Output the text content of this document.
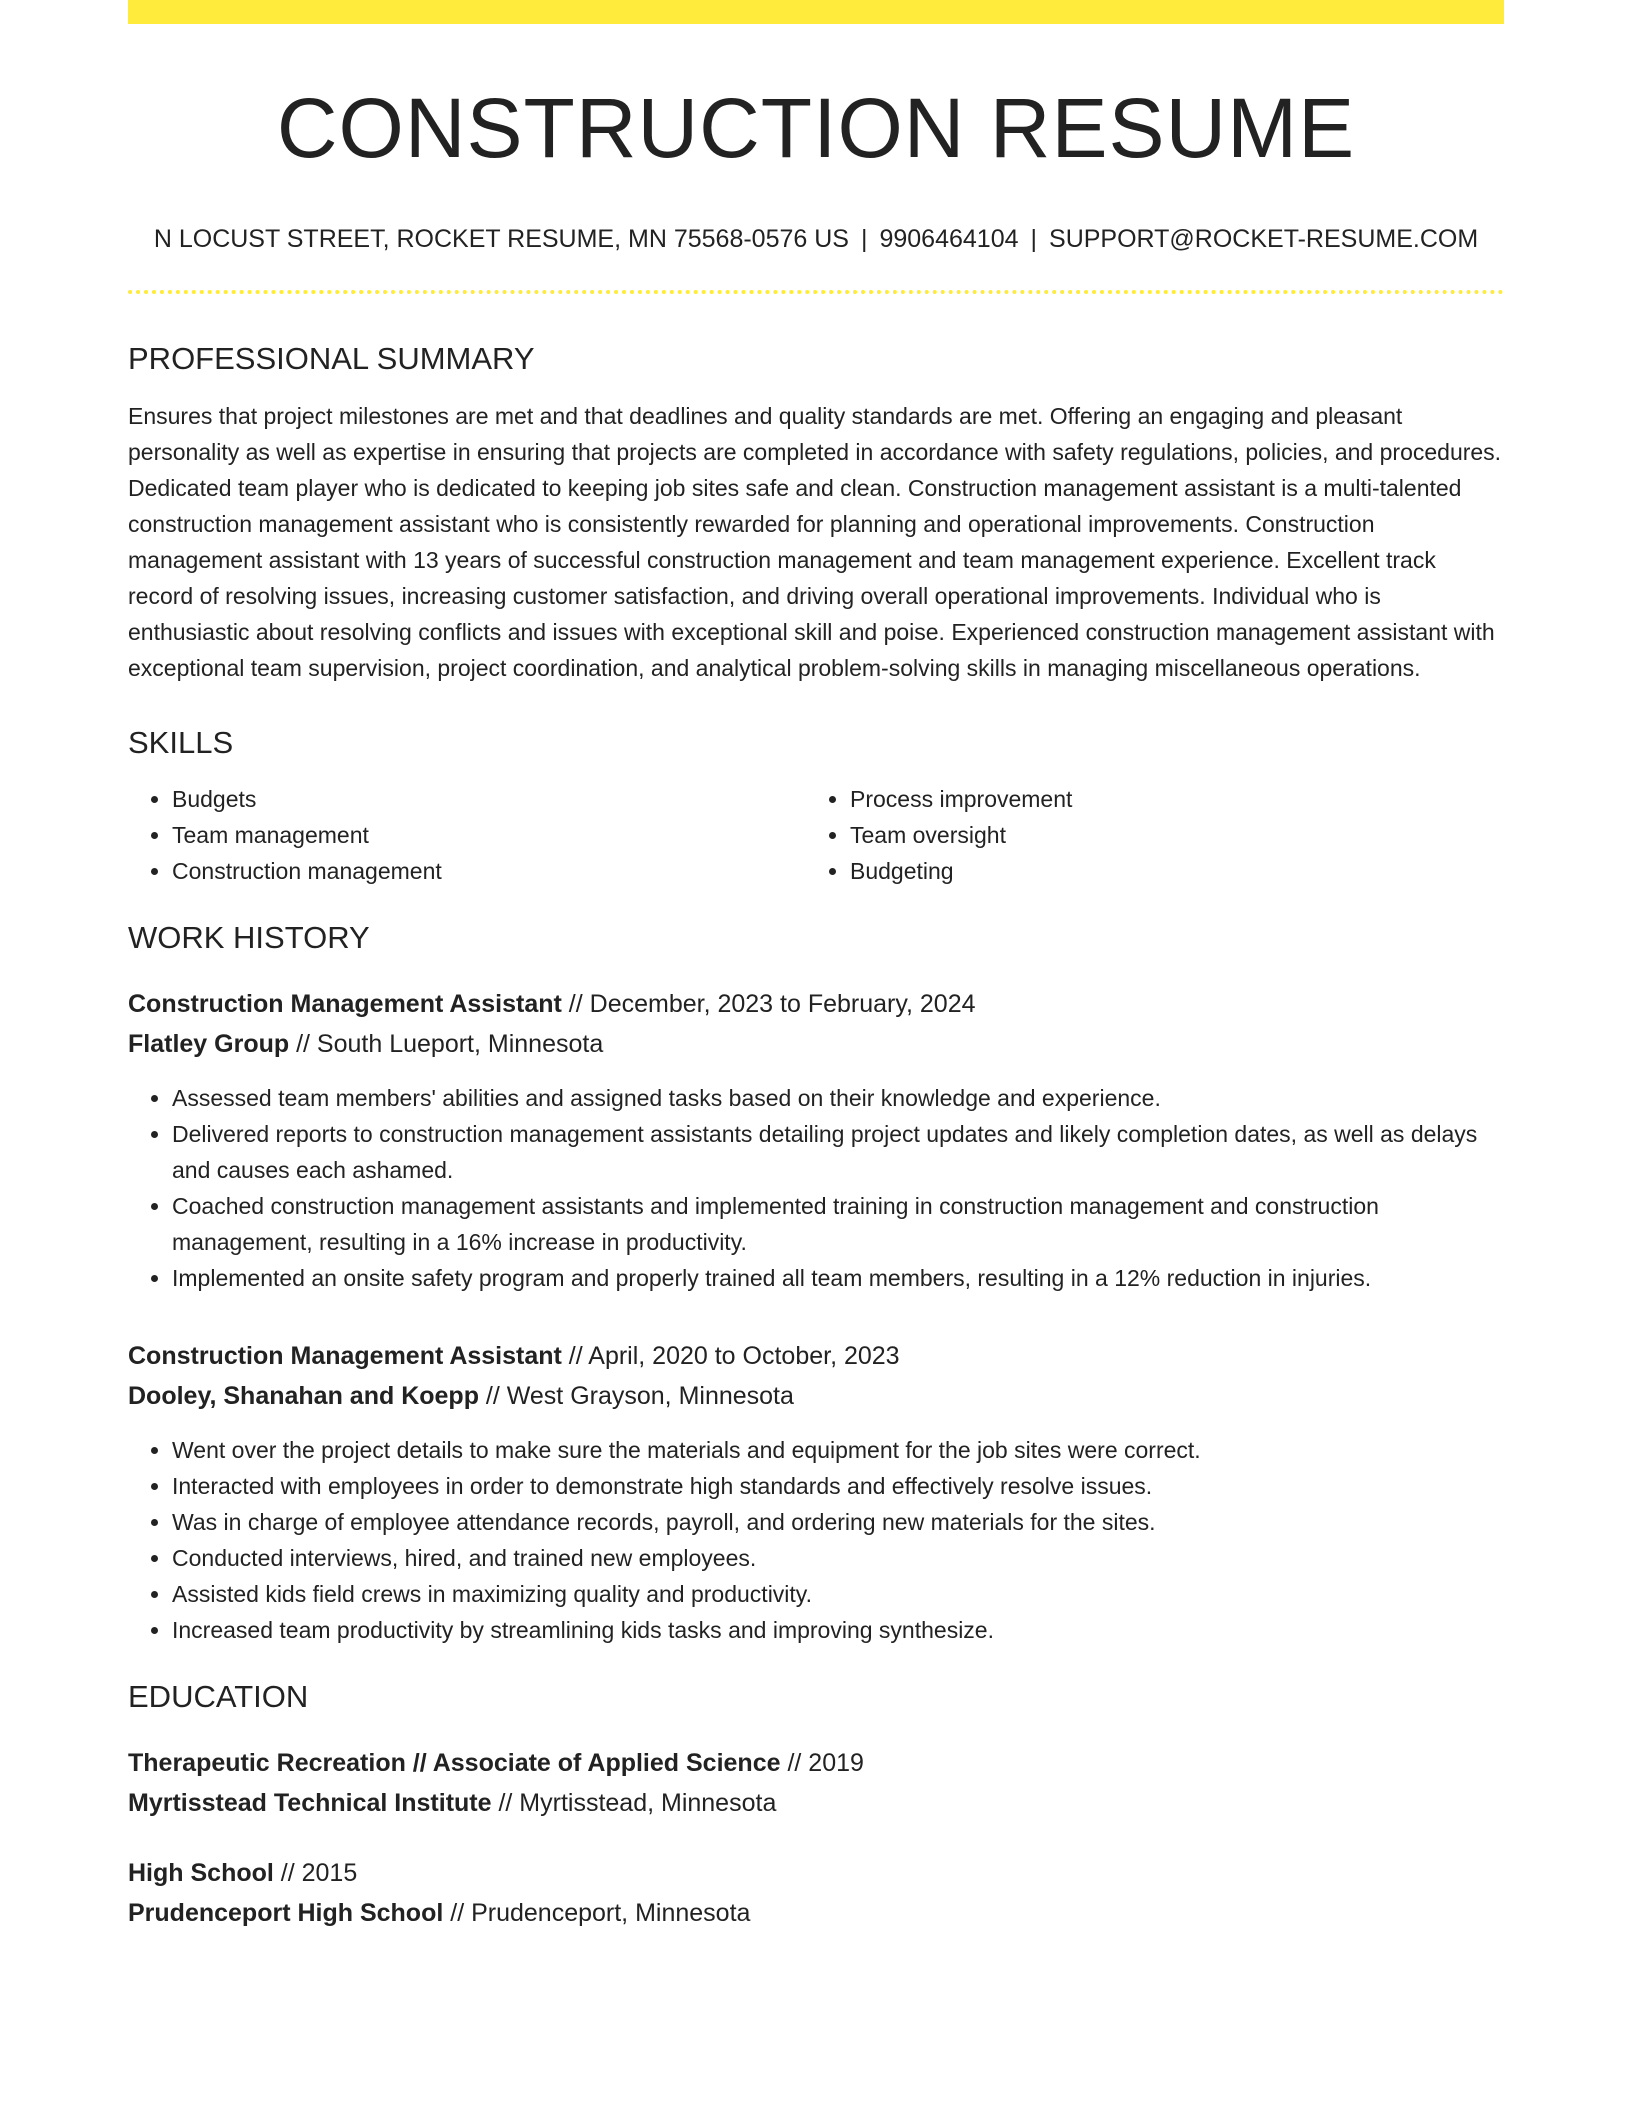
CONSTRUCTION RESUME
N LOCUST STREET, ROCKET RESUME, MN 75568-0576 US | 9906464104 | SUPPORT@ROCKET-RESUME.COM
PROFESSIONAL SUMMARY

Ensures that project milestones are met and that deadlines and quality standards are met. Offering an engaging and pleasant personality as well as expertise in ensuring that projects are completed in accordance with safety regulations, policies, and procedures. Dedicated team player who is dedicated to keeping job sites safe and clean. Construction management assistant is a multi-talented construction management assistant who is consistently rewarded for planning and operational improvements. Construction management assistant with 13 years of successful construction management and team management experience. Excellent track record of resolving issues, increasing customer satisfaction, and driving overall operational improvements. Individual who is enthusiastic about resolving conflicts and issues with exceptional skill and poise. Experienced construction management assistant with exceptional team supervision, project coordination, and analytical problem-solving skills in managing miscellaneous operations.

SKILLS
• Budgets
• Team management
• Construction management
• Process improvement
• Team oversight
• Budgeting
WORK HISTORY
Construction Management Assistant // December, 2023 to February, 2024
Flatley Group // South Lueport, Minnesota
• Assessed team members' abilities and assigned tasks based on their knowledge and experience.
• Delivered reports to construction management assistants detailing project updates and likely completion dates, as well as delays and causes each ashamed.
• Coached construction management assistants and implemented training in construction management and construction management, resulting in a 16% increase in productivity.
• Implemented an onsite safety program and properly trained all team members, resulting in a 12% reduction in injuries.
Construction Management Assistant // April, 2020 to October, 2023
Dooley, Shanahan and Koepp // West Grayson, Minnesota
• Went over the project details to make sure the materials and equipment for the job sites were correct.
• Interacted with employees in order to demonstrate high standards and effectively resolve issues.
• Was in charge of employee attendance records, payroll, and ordering new materials for the sites.
• Conducted interviews, hired, and trained new employees.
• Assisted kids field crews in maximizing quality and productivity.
• Increased team productivity by streamlining kids tasks and improving synthesize.
EDUCATION
Therapeutic Recreation // Associate of Applied Science // 2019
Myrtisstead Technical Institute // Myrtisstead, Minnesota
High School // 2015
Prudenceport High School // Prudenceport, Minnesota
